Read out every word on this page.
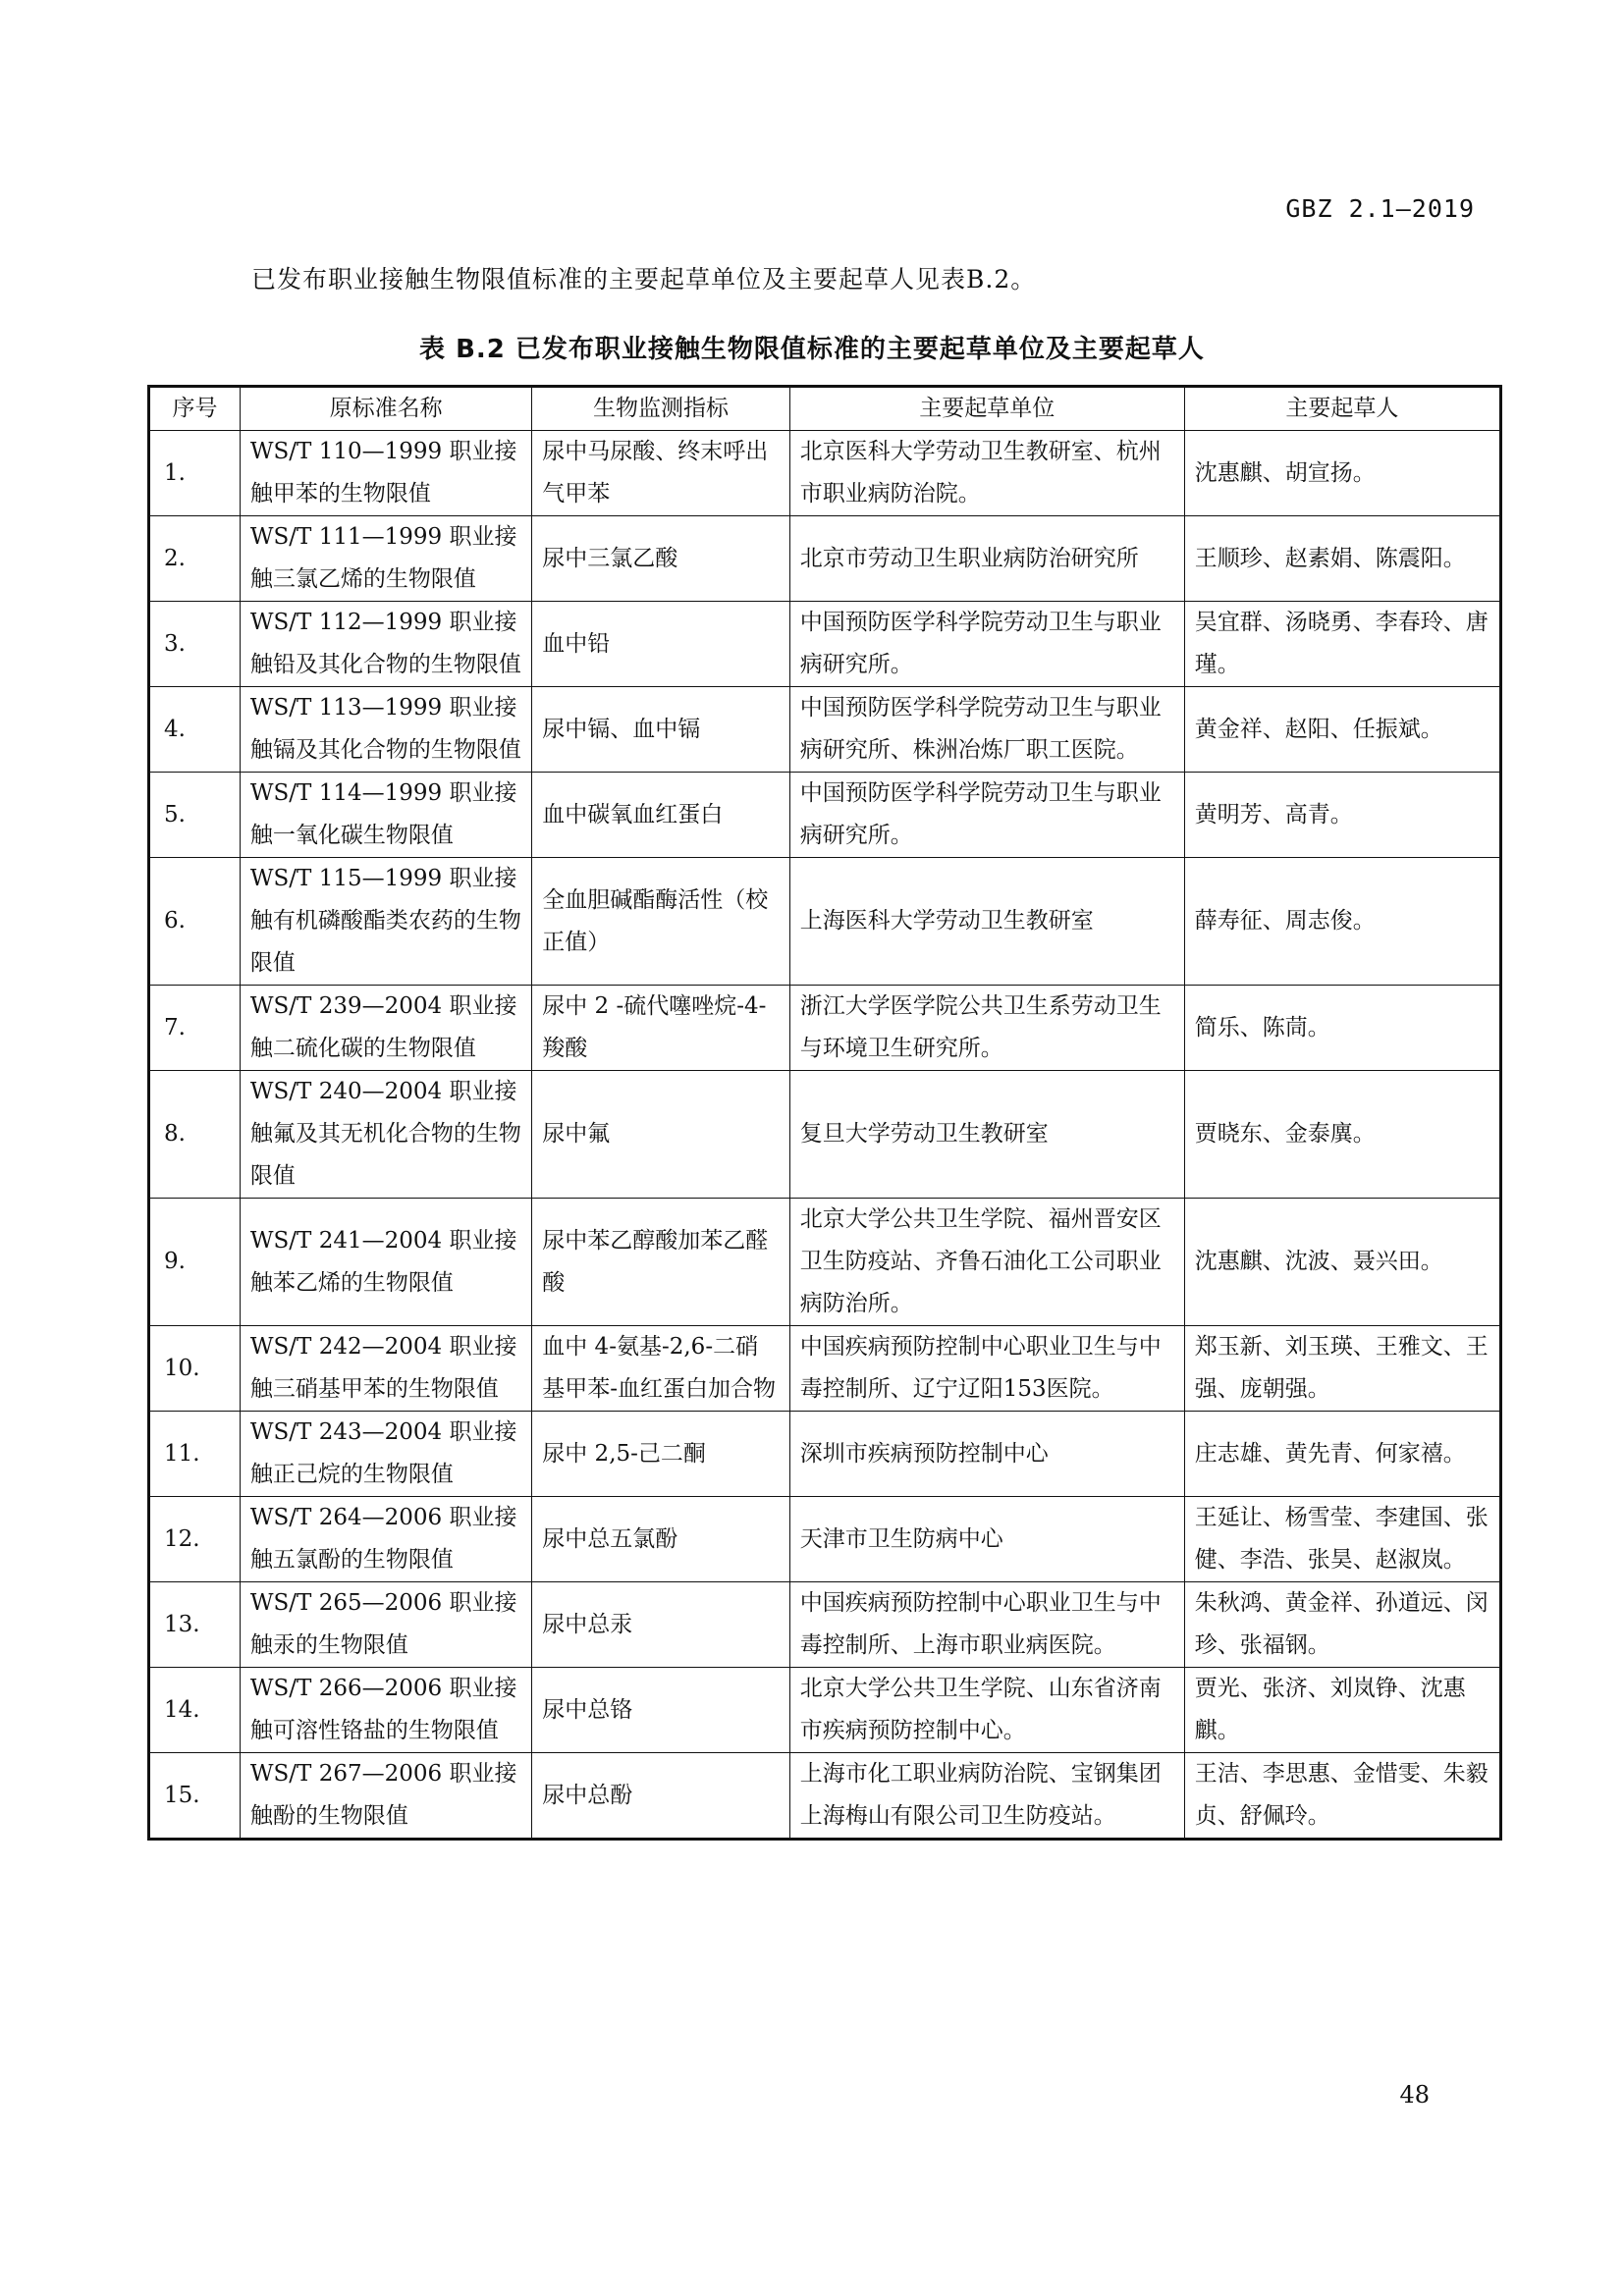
GBZ 2.1—2019
已发布职业接触生物限值标准的主要起草单位及主要起草人见表B.2。
表 B.2 已发布职业接触生物限值标准的主要起草单位及主要起草人
序号	原标准名称	生物监测指标	主要起草单位	主要起草人
1.	WS/T 110—1999 职业接触甲苯的生物限值	尿中马尿酸、终末呼出气甲苯	北京医科大学劳动卫生教研室、杭州市职业病防治院。	沈惠麒、胡宣扬。
2.	WS/T 111—1999 职业接触三氯乙烯的生物限值	尿中三氯乙酸	北京市劳动卫生职业病防治研究所	王顺珍、赵素娟、陈震阳。
3.	WS/T 112—1999 职业接触铅及其化合物的生物限值	血中铅	中国预防医学科学院劳动卫生与职业病研究所。	吴宜群、汤晓勇、李春玲、唐瑾。
4.	WS/T 113—1999 职业接触镉及其化合物的生物限值	尿中镉、血中镉	中国预防医学科学院劳动卫生与职业病研究所、株洲冶炼厂职工医院。	黄金祥、赵阳、任振斌。
5.	WS/T 114—1999 职业接触一氧化碳生物限值	血中碳氧血红蛋白	中国预防医学科学院劳动卫生与职业病研究所。	黄明芳、高青。
6.	WS/T 115—1999 职业接触有机磷酸酯类农药的生物限值	全血胆碱酯酶活性（校正值）	上海医科大学劳动卫生教研室	薛寿征、周志俊。
7.	WS/T 239—2004 职业接触二硫化碳的生物限值	尿中 2 -硫代噻唑烷-4-羧酸	浙江大学医学院公共卫生系劳动卫生与环境卫生研究所。	简乐、陈茼。
8.	WS/T 240—2004 职业接触氟及其无机化合物的生物限值	尿中氟	复旦大学劳动卫生教研室	贾晓东、金泰廙。
9.	WS/T 241—2004 职业接触苯乙烯的生物限值	尿中苯乙醇酸加苯乙醛酸	北京大学公共卫生学院、福州晋安区卫生防疫站、齐鲁石油化工公司职业病防治所。	沈惠麒、沈波、聂兴田。
10.	WS/T 242—2004 职业接触三硝基甲苯的生物限值	血中 4-氨基-2,6-二硝基甲苯-血红蛋白加合物	中国疾病预防控制中心职业卫生与中毒控制所、辽宁辽阳153医院。	郑玉新、刘玉瑛、王雅文、王强、庞朝强。
11.	WS/T 243—2004 职业接触正己烷的生物限值	尿中 2,5-己二酮	深圳市疾病预防控制中心	庄志雄、黄先青、何家禧。
12.	WS/T 264—2006 职业接触五氯酚的生物限值	尿中总五氯酚	天津市卫生防病中心	王延让、杨雪莹、李建国、张健、李浩、张昊、赵淑岚。
13.	WS/T 265—2006 职业接触汞的生物限值	尿中总汞	中国疾病预防控制中心职业卫生与中毒控制所、上海市职业病医院。	朱秋鸿、黄金祥、孙道远、闵珍、张福钢。
14.	WS/T 266—2006 职业接触可溶性铬盐的生物限值	尿中总铬	北京大学公共卫生学院、山东省济南市疾病预防控制中心。	贾光、张济、刘岚铮、沈惠麒。
15.	WS/T 267—2006 职业接触酚的生物限值	尿中总酚	上海市化工职业病防治院、宝钢集团上海梅山有限公司卫生防疫站。	王洁、李思惠、金惜雯、朱毅贞、舒佩玲。
48
